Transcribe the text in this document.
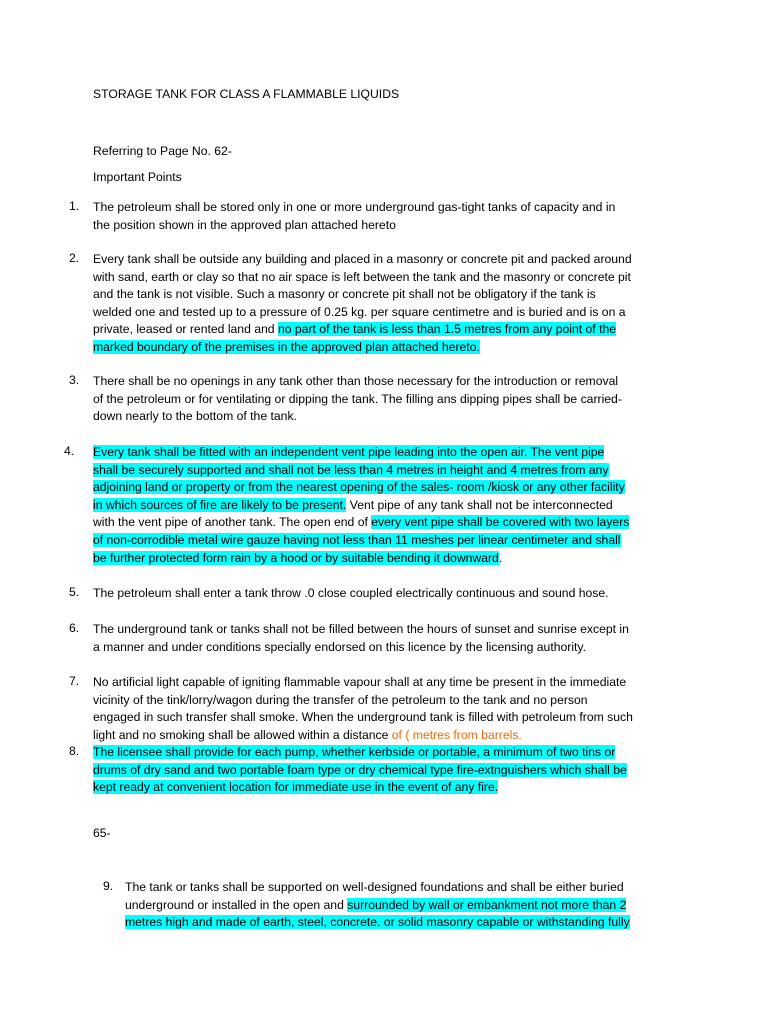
STORAGE TANK FOR CLASS A FLAMMABLE LIQUIDS
Referring to Page No. 62-
Important Points
65-
1. The petroleum shall be stored only in one or more underground gas-tight tanks of capacity and in
the position shown in the approved plan attached hereto
2. Every tank shall be outside any building and placed in a masonry or concrete pit and packed around
with sand, earth or clay so that no air space is left between the tank and the masonry or concrete pit
and the tank is not visible. Such a masonry or concrete pit shall not be obligatory if the tank is
welded one and tested up to a pressure of 0.25 kg. per square centimetre and is buried and is on a
private, leased or rented land and no part of the tank is less than 1.5 metres from any point of the
marked boundary of the premises in the approved plan attached hereto.
3. There shall be no openings in any tank other than those necessary for the introduction or removal
of the petroleum or for ventilating or dipping the tank. The filling ans dipping pipes shall be carried-
down nearly to the bottom of the tank.
4. Every tank shall be fitted with an independent vent pipe leading into the open air. The vent pipe
shall be securely supported and shall not be less than 4 metres in height and 4 metres from any
adjoining land or property or from the nearest opening of the sales- room /kiosk or any other facility
in which sources of fire are likely to be present. Vent pipe of any tank shall not be interconnected
with the vent pipe of another tank. The open end of every vent pipe shall be covered with two layers
of non-corrodible metal wire gauze having not less than 11 meshes per linear centimeter and shall
be further protected form rain by a hood or by suitable bending it downward.
5. The petroleum shall enter a tank throw .0 close coupled electrically continuous and sound hose.
6. The underground tank or tanks shall not be filled between the hours of sunset and sunrise except in
a manner and under conditions specially endorsed on this licence by the licensing authority.
7. No artificial light capable of igniting flammable vapour shall at any time be present in the immediate
vicinity of the tink/lorry/wagon during the transfer of the petroleum to the tank and no person
engaged in such transfer shall smoke. When the underground tank is filled with petroleum from such
light and no smoking shall be allowed within a distance of ( metres from barrels.
8. The licensee shall provide for each pump, whether kerbside or portable, a minimum of two tins or
drums of dry sand and two portable foam type or dry chemical type fire-extnguishers which shall be
kept ready at convenient location for immediate use in the event of any fire.
9. The tank or tanks shall be supported on well-designed foundations and shall be either buried
underground or installed in the open and surrounded by wall or embankment not more than 2
metres high and made of earth, steel, concrete. or solid masonry capable or withstanding fully
